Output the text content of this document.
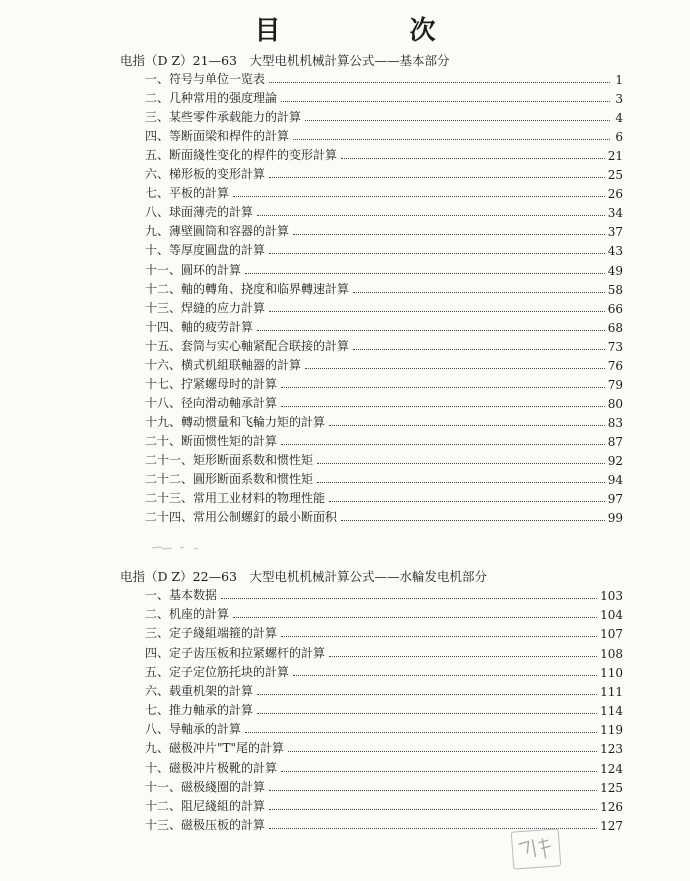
目 次
电指（D Z）21—63　大型电机机械計算公式——基本部分
一、符号与单位一览表	1
二、几种常用的强度理論	3
三、某些零件承载能力的計算	4
四、等断面梁和桿件的計算	6
五、断面綫性变化的桿件的变形計算	21
六、梯形板的变形計算	25
七、平板的計算	26
八、球面薄壳的計算	34
九、薄壁圓筒和容器的計算	37
十、等厚度圓盘的計算	43
十一、圓环的計算	49
十二、軸的轉角、挠度和临界轉速計算	58
十三、焊縫的应力計算	66
十四、軸的疲劳計算	68
十五、套筒与实心軸紧配合联接的計算	73
十六、横式机組联軸器的計算	76
十七、拧紧螺母时的計算	79
十八、径向滑动軸承計算	80
十九、轉动惯量和飞輪力矩的計算	83
二十、断面惯性矩的計算	87
二十一、矩形断面系数和惯性矩	92
二十二、圓形断面系数和惯性矩	94
二十三、常用工业材料的物理性能	97
二十四、常用公制螺釘的最小断面积	99
电指（D Z）22—63　大型电机机械計算公式——水輪发电机部分
一、基本数据	103
二、机座的計算	104
三、定子綫組端箍的計算	107
四、定子齿压板和拉紧螺杆的計算	108
五、定子定位筋托块的計算	110
六、载重机架的計算	111
七、推力軸承的計算	114
八、导軸承的計算	119
九、磁极冲片"T"尾的計算	123
十、磁极冲片极靴的計算	124
十一、磁极綫圈的計算	125
十二、阻尼綫組的計算	126
十三、磁极压板的計算	127
